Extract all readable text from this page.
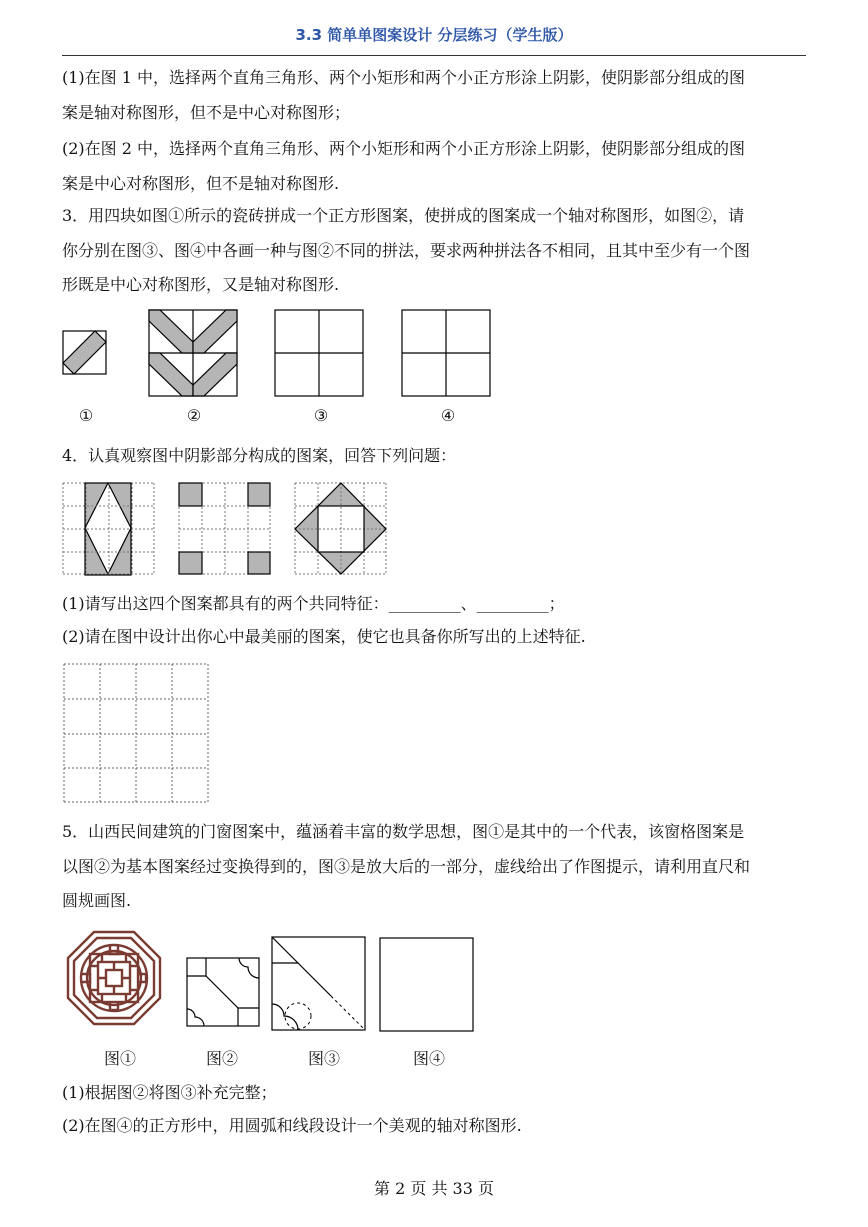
3.3 简单单图案设计 分层练习（学生版）
(1)在图 1 中，选择两个直角三角形、两个小矩形和两个小正方形涂上阴影，使阴影部分组成的图
案是轴对称图形，但不是中心对称图形；
(2)在图 2 中，选择两个直角三角形、两个小矩形和两个小正方形涂上阴影，使阴影部分组成的图
案是中心对称图形，但不是轴对称图形.
3．用四块如图①所示的瓷砖拼成一个正方形图案，使拼成的图案成一个轴对称图形，如图②，请
你分别在图③、图④中各画一种与图②不同的拼法，要求两种拼法各不相同，且其中至少有一个图
形既是中心对称图形，又是轴对称图形.
①	②	③	④
4．认真观察图中阴影部分构成的图案，回答下列问题：
(1)请写出这四个图案都具有的两个共同特征：_________、_________；
(2)请在图中设计出你心中最美丽的图案，使它也具备你所写出的上述特征.
5．山西民间建筑的门窗图案中，蕴涵着丰富的数学思想，图①是其中的一个代表，该窗格图案是
以图②为基本图案经过变换得到的，图③是放大后的一部分，虚线给出了作图提示，请利用直尺和
圆规画图.
图①	图②	图③	图④
(1)根据图②将图③补充完整；
(2)在图④的正方形中，用圆弧和线段设计一个美观的轴对称图形.
第 2 页 共 33 页
